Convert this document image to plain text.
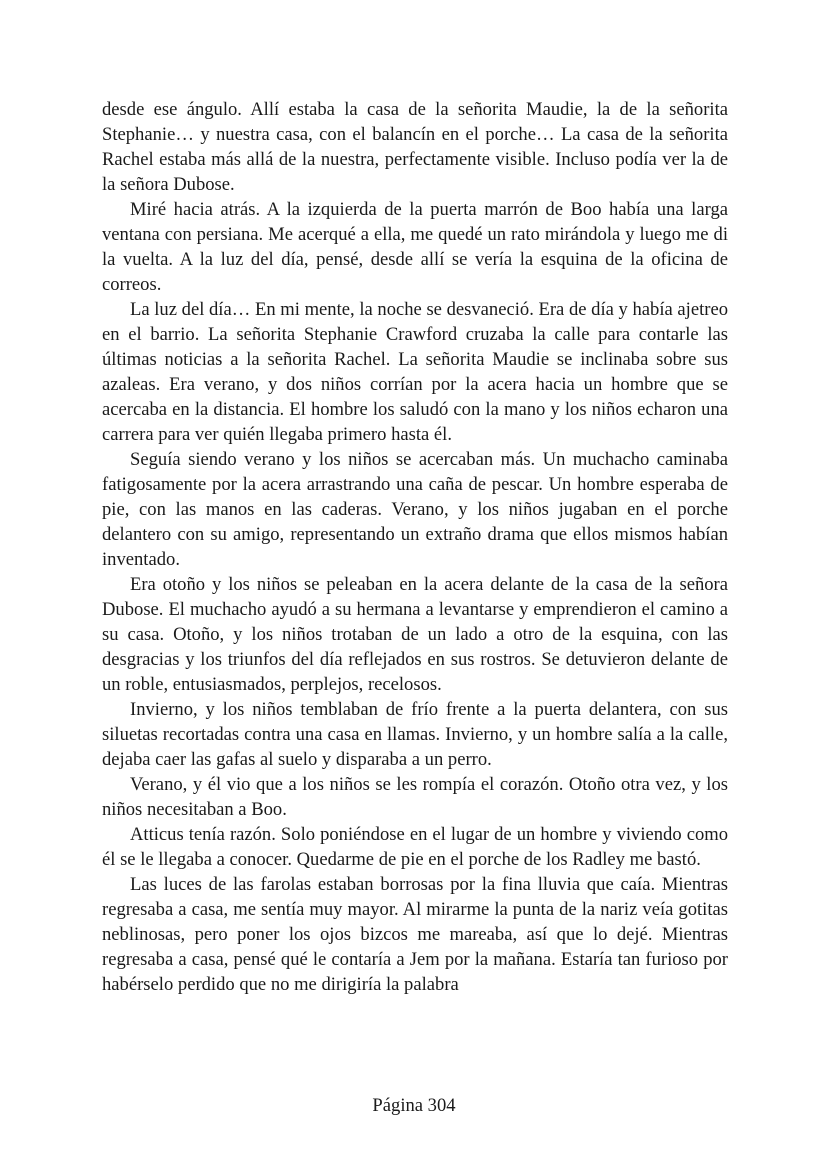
desde ese ángulo. Allí estaba la casa de la señorita Maudie, la de la señorita Stephanie… y nuestra casa, con el balancín en el porche… La casa de la señorita Rachel estaba más allá de la nuestra, perfectamente visible. Incluso podía ver la de la señora Dubose.

Miré hacia atrás. A la izquierda de la puerta marrón de Boo había una larga ventana con persiana. Me acerqué a ella, me quedé un rato mirándola y luego me di la vuelta. A la luz del día, pensé, desde allí se vería la esquina de la oficina de correos.

La luz del día… En mi mente, la noche se desvaneció. Era de día y había ajetreo en el barrio. La señorita Stephanie Crawford cruzaba la calle para contarle las últimas noticias a la señorita Rachel. La señorita Maudie se inclinaba sobre sus azaleas. Era verano, y dos niños corrían por la acera hacia un hombre que se acercaba en la distancia. El hombre los saludó con la mano y los niños echaron una carrera para ver quién llegaba primero hasta él.

Seguía siendo verano y los niños se acercaban más. Un muchacho caminaba fatigosamente por la acera arrastrando una caña de pescar. Un hombre esperaba de pie, con las manos en las caderas. Verano, y los niños jugaban en el porche delantero con su amigo, representando un extraño drama que ellos mismos habían inventado.

Era otoño y los niños se peleaban en la acera delante de la casa de la señora Dubose. El muchacho ayudó a su hermana a levantarse y emprendieron el camino a su casa. Otoño, y los niños trotaban de un lado a otro de la esquina, con las desgracias y los triunfos del día reflejados en sus rostros. Se detuvieron delante de un roble, entusiasmados, perplejos, recelosos.

Invierno, y los niños temblaban de frío frente a la puerta delantera, con sus siluetas recortadas contra una casa en llamas. Invierno, y un hombre salía a la calle, dejaba caer las gafas al suelo y disparaba a un perro.

Verano, y él vio que a los niños se les rompía el corazón. Otoño otra vez, y los niños necesitaban a Boo.

Atticus tenía razón. Solo poniéndose en el lugar de un hombre y viviendo como él se le llegaba a conocer. Quedarme de pie en el porche de los Radley me bastó.

Las luces de las farolas estaban borrosas por la fina lluvia que caía. Mientras regresaba a casa, me sentía muy mayor. Al mirarme la punta de la nariz veía gotitas neblinosas, pero poner los ojos bizcos me mareaba, así que lo dejé. Mientras regresaba a casa, pensé qué le contaría a Jem por la mañana. Estaría tan furioso por habérselo perdido que no me dirigiría la palabra

Página 304
